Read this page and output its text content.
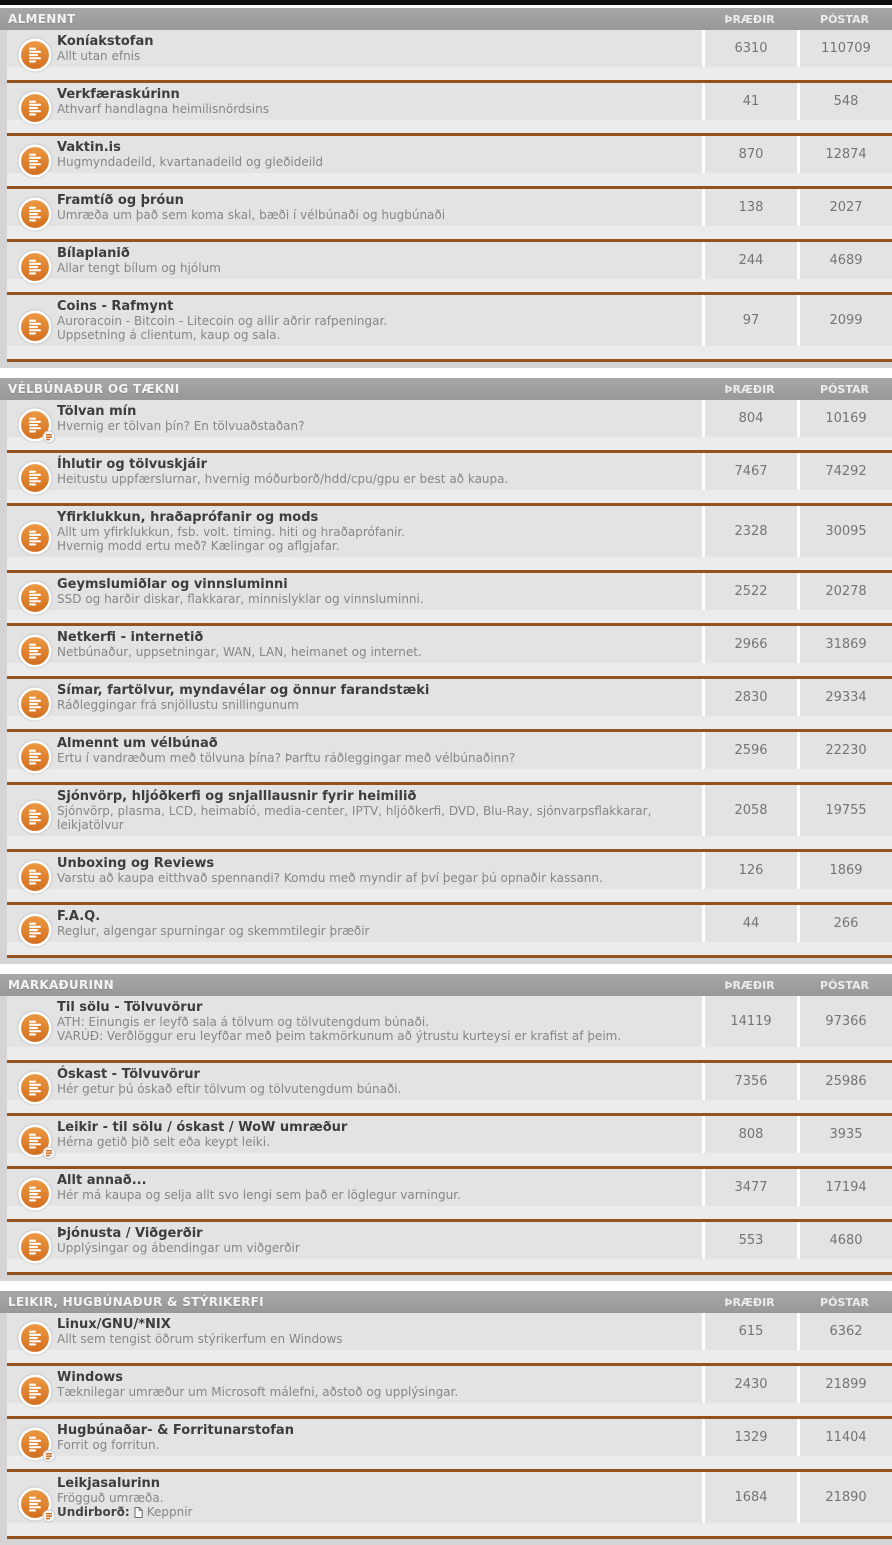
ALMENNT	ÞRÆÐIR	PÓSTAR
Koníakstofan
Allt utan efnis	6310	110709
Verkfæraskúrinn
Athvarf handlagna heimilisnördsins	41	548
Vaktin.is
Hugmyndadeild, kvartanadeild og gleðideild	870	12874
Framtíð og þróun
Umræða um það sem koma skal, bæði í vélbúnaði og hugbúnaði	138	2027
Bílaplanið
Allar tengt bílum og hjólum	244	4689
Coins - Rafmynt
Auroracoin - Bitcoin - Litecoin og allir aðrir rafpeningar.
Uppsetning á clientum, kaup og sala.
97	2099
VÉLBÚNAÐUR OG TÆKNI	ÞRÆÐIR	PÓSTAR
Tölvan mín
Hvernig er tölvan þín? En tölvuaðstaðan?	804	10169
Íhlutir og tölvuskjáir
Heitustu uppfærslurnar, hvernig móðurborð/hdd/cpu/gpu er best að kaupa.	7467	74292
Yfirklukkun, hraðaprófanir og mods
Allt um yfirklukkun, fsb. volt. timing. hiti og hraðaprófanir.
Hvernig modd ertu með? Kælingar og aflgjafar.
2328	30095
Geymslumiðlar og vinnsluminni
SSD og harðir diskar, flakkarar, minnislyklar og vinnsluminni.	2522	20278
Netkerfi - internetið
Netbúnaður, uppsetningar, WAN, LAN, heimanet og internet.	2966	31869
Símar, fartölvur, myndavélar og önnur farandstæki
Ráðleggingar frá snjöllustu snillingunum	2830	29334
Almennt um vélbúnað
Ertu í vandræðum með tölvuna þína? Þarftu ráðleggingar með vélbúnaðinn?	2596	22230
Sjónvörp, hljóðkerfi og snjalllausnir fyrir heimilið
Sjónvörp, plasma, LCD, heimabíó, media-center, IPTV, hljóðkerfi, DVD, Blu-Ray, sjónvarpsflakkarar,
leikjatölvur
2058	19755
Unboxing og Reviews
Varstu að kaupa eitthvað spennandi? Komdu með myndir af því þegar þú opnaðir kassann.	126	1869
F.A.Q.
Reglur, algengar spurningar og skemmtilegir þræðir	44	266
MARKAÐURINN	ÞRÆÐIR	PÓSTAR
Til sölu - Tölvuvörur
ATH: Einungis er leyfð sala á tölvum og tölvutengdum búnaði.
VARÚÐ: Verðlöggur eru leyfðar með þeim takmörkunum að ýtrustu kurteysi er krafist af þeim.
14119	97366
Óskast - Tölvuvörur
Hér getur þú óskað eftir tölvum og tölvutengdum búnaði.	7356	25986
Leikir - til sölu / óskast / WoW umræður
Hérna getið þið selt eða keypt leiki.	808	3935
Allt annað...
Hér má kaupa og selja allt svo lengi sem það er löglegur varningur.	3477	17194
Þjónusta / Viðgerðir
Upplýsingar og ábendingar um viðgerðir	553	4680
LEIKIR, HUGBÚNAÐUR & STÝRIKERFI	ÞRÆÐIR	PÓSTAR
Linux/GNU/*NIX
Allt sem tengist öðrum stýrikerfum en Windows	615	6362
Windows
Tæknilegar umræður um Microsoft málefni, aðstoð og upplýsingar.	2430	21899
Hugbúnaðar- & Forritunarstofan
Forrit og forritun.	1329	11404
Leikjasalurinn
Frögguð umræða.
Undirborð: Keppnir
1684	21890
